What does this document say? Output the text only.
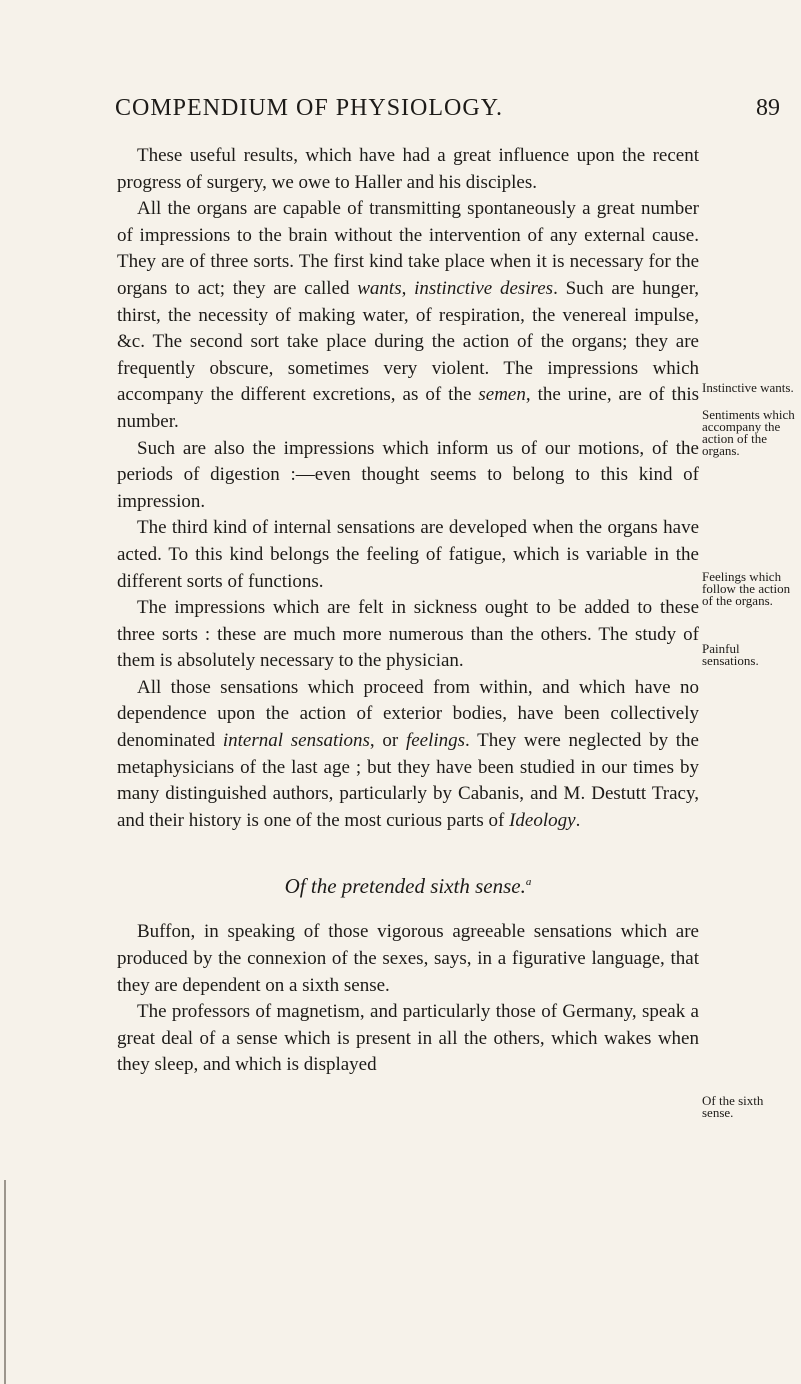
COMPENDIUM OF PHYSIOLOGY.	89

These useful results, which have had a great influence upon the recent progress of surgery, we owe to Haller and his disciples.

All the organs are capable of transmitting spontaneously a great number of impressions to the brain without the intervention of any external cause. They are of three sorts. The first kind take place when it is necessary for the organs to act; they are called wants, instinctive desires. Such are hunger, thirst, the necessity of making water, of respiration, the venereal impulse, &c. The second sort take place during the action of the organs; they are frequently obscure, sometimes very violent. The impressions which accompany the different excretions, as of the semen, the urine, are of this number.

Such are also the impressions which inform us of our motions, of the periods of digestion :—even thought seems to belong to this kind of impression.

The third kind of internal sensations are developed when the organs have acted. To this kind belongs the feeling of fatigue, which is variable in the different sorts of functions.

The impressions which are felt in sickness ought to be added to these three sorts : these are much more numerous than the others. The study of them is absolutely necessary to the physician.

All those sensations which proceed from within, and which have no dependence upon the action of exterior bodies, have been collectively denominated internal sensations, or feelings. They were neglected by the metaphysicians of the last age ; but they have been studied in our times by many distinguished authors, particularly by Cabanis, and M. Destutt Tracy, and their history is one of the most curious parts of Ideology.

Of the pretended sixth sense.$^a$

Buffon, in speaking of those vigorous agreeable sensations which are produced by the connexion of the sexes, says, in a figurative language, that they are dependent on a sixth sense.

The professors of magnetism, and particularly those of Germany, speak a great deal of a sense which is present in all the others, which wakes when they sleep, and which is displayed

Instinctive wants.
Sentiments which accompany the action of the organs.
Feelings which follow the action of the organs.
Painful sensations.
Of the sixth sense.
